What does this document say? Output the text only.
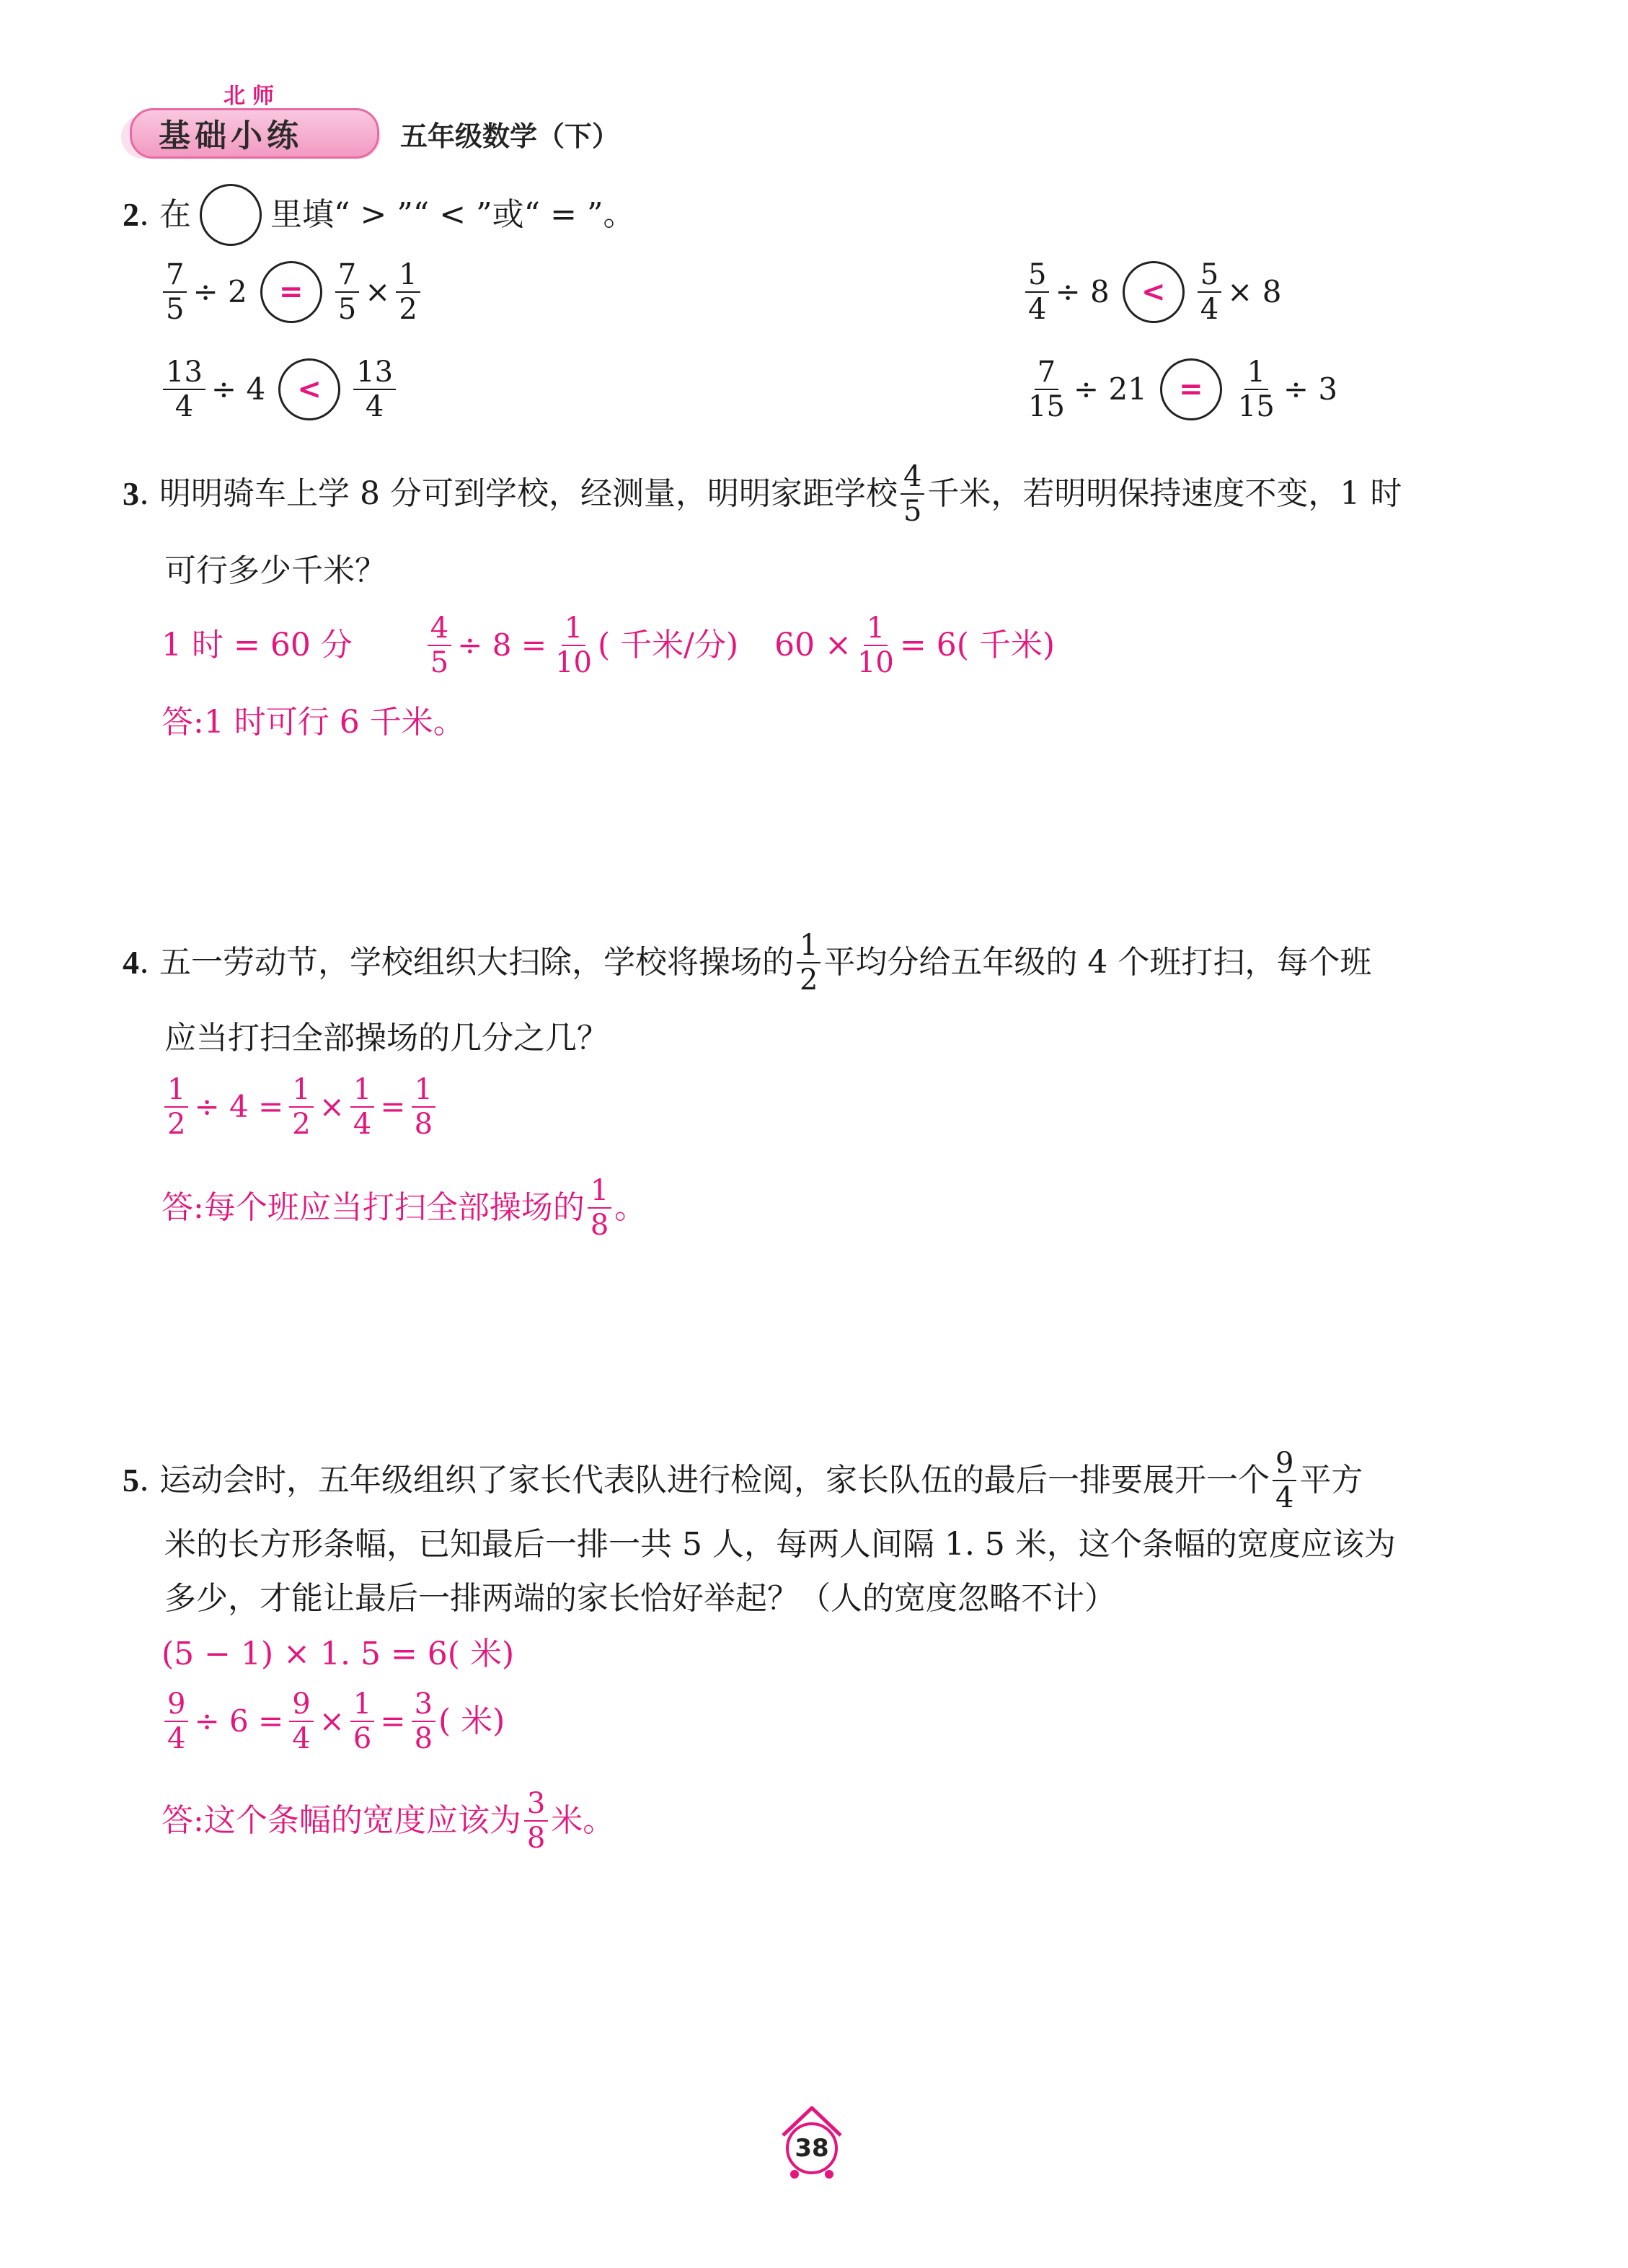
北师
基础小练	五年级数学（下）
2 . 在	里填“ > ”“ < ”或“ = ”。
$\frac{7}{5} \div 2$	=	$\frac{7}{5} \times \frac{1}{2}$	$\frac{5}{4} \div 8$	<	$\frac{5}{4} \times 8$
$\frac{13}{4} \div 4$	<	$\frac{13}{4}$	$\frac{7}{15} \div 21$	=	$\frac{1}{15} \div 3$
3 . 明明骑车上学 8 分可到学校，经测量，明明家距学校 $\frac{4}{5}$ 千米，若明明保持速度不变，1 时
可行多少千米？
1 时 = 60 分	$\frac{4}{5} \div 8 = \frac{1}{10}$ ( 千米/分) $60 \times \frac{1}{10} = 6$( 千米)
答:1 时可行 6 千米。
4 . 五一劳动节，学校组织大扫除，学校将操场的 $\frac{1}{2}$ 平均分给五年级的 4 个班打扫，每个班
应当打扫全部操场的几分之几？
$\frac{1}{2} \div 4 = \frac{1}{2} \times \frac{1}{4} = \frac{1}{8}$
答:每个班应当打扫全部操场的 $\frac{1}{8}$ 。
5 . 运动会时，五年级组织了家长代表队进行检阅，家长队伍的最后一排要展开一个 $\frac{9}{4}$ 平方
米的长方形条幅，已知最后一排一共 5 人，每两人间隔 1. 5 米，这个条幅的宽度应该为
多少，才能让最后一排两端的家长恰好举起？（人的宽度忽略不计）
(5 − 1) × 1. 5 = 6( 米)
$\frac{9}{4} \div 6 = \frac{9}{4} \times \frac{1}{6} = \frac{3}{8}$ ( 米)
答:这个条幅的宽度应该为 $\frac{3}{8}$ 米。
38
